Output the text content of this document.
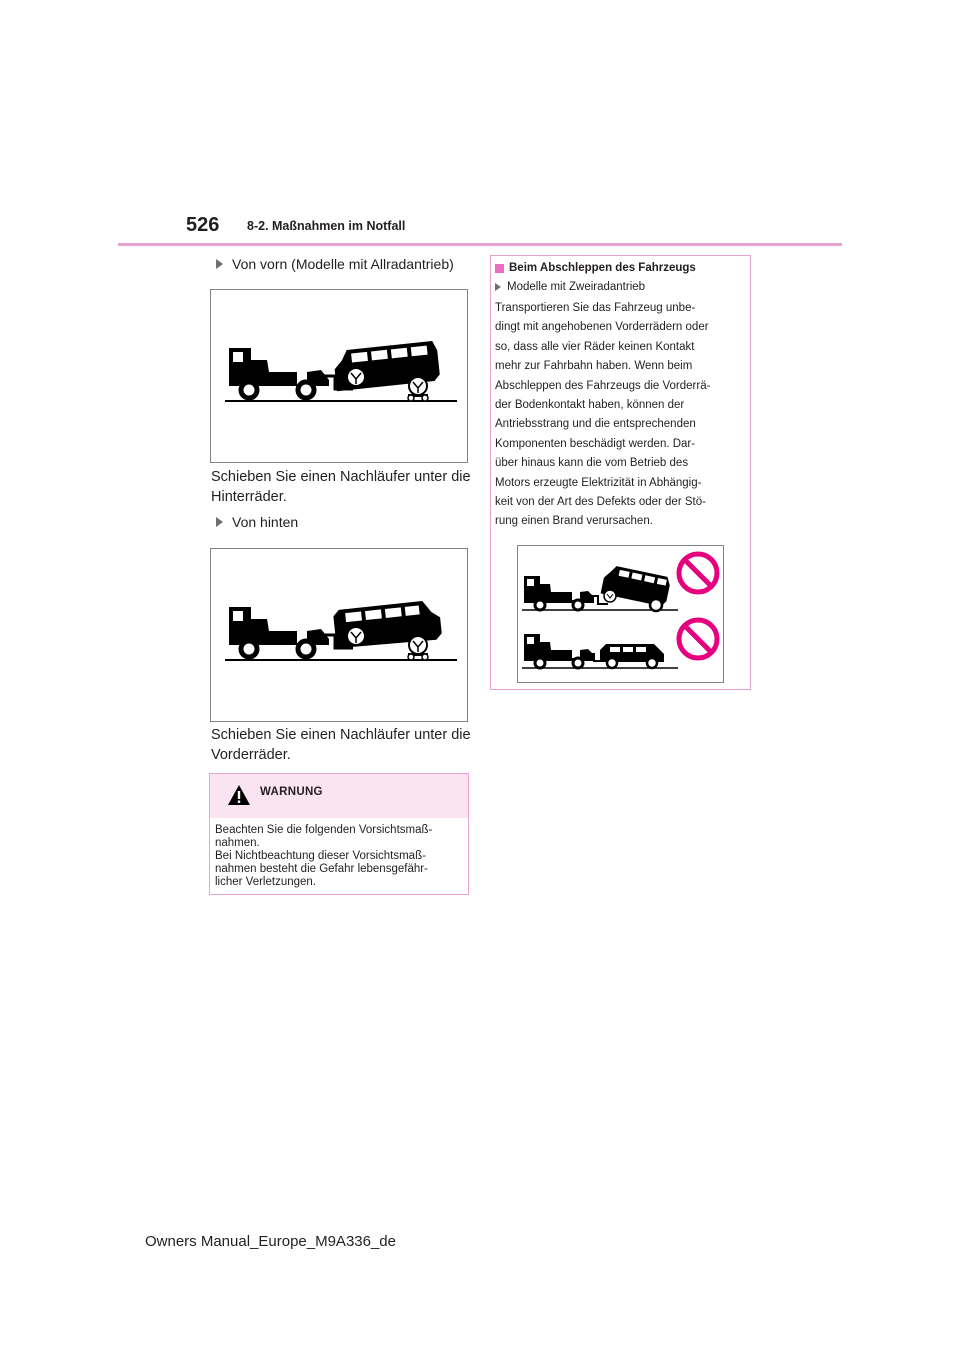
526 8-2. Maßnahmen im Notfall
Von vorn (Modelle mit Allradantrieb)
Schieben Sie einen Nachläufer unter die Hinterräder.
Von hinten
Schieben Sie einen Nachläufer unter die Vorderräder.
WARNUNG
Beachten Sie die folgenden Vorsichtsmaß-
nahmen.
Bei Nichtbeachtung dieser Vorsichtsmaß-
nahmen besteht die Gefahr lebensgefähr-
licher Verletzungen.
Beim Abschleppen des Fahrzeugs
Modelle mit Zweiradantrieb
Transportieren Sie das Fahrzeug unbe-
dingt mit angehobenen Vorderrädern oder
so, dass alle vier Räder keinen Kontakt
mehr zur Fahrbahn haben. Wenn beim
Abschleppen des Fahrzeugs die Vorderrä-
der Bodenkontakt haben, können der
Antriebsstrang und die entsprechenden
Komponenten beschädigt werden. Dar-
über hinaus kann die vom Betrieb des
Motors erzeugte Elektrizität in Abhängig-
keit von der Art des Defekts oder der Stö-
rung einen Brand verursachen.
Owners Manual_Europe_M9A336_de
